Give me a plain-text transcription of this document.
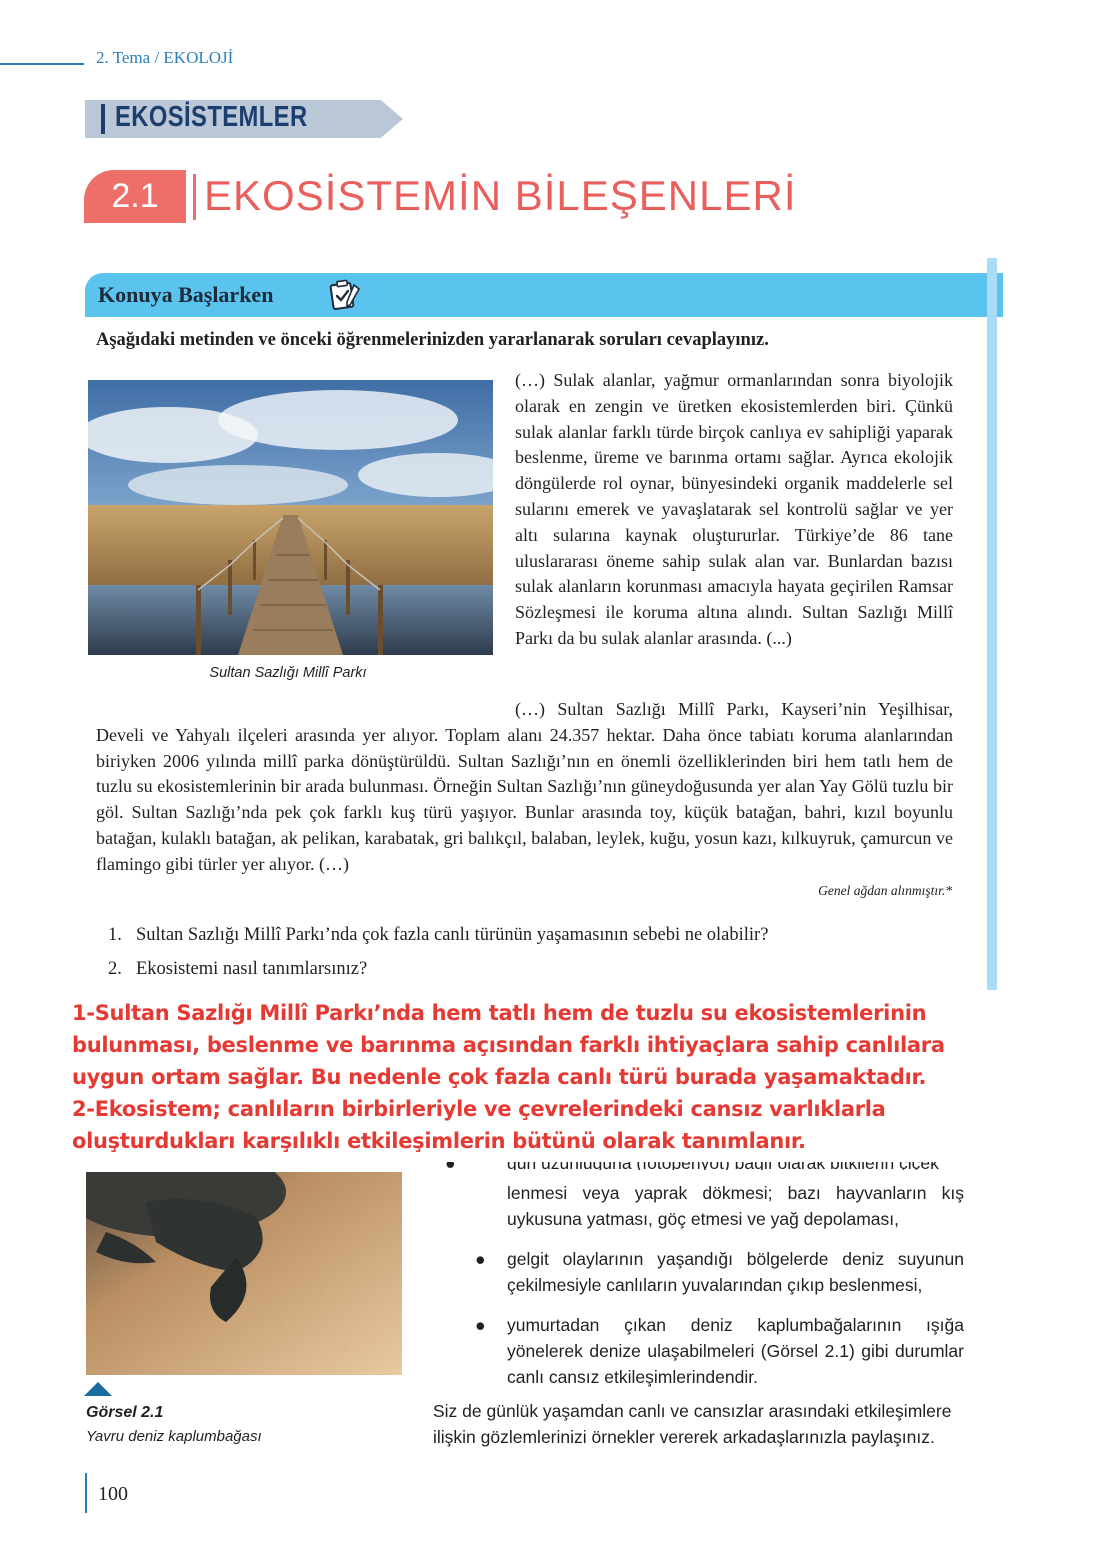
2. Tema / EKOLOJİ
EKOSİSTEMLER
2.1	EKOSİSTEMİN BİLEŞENLERİ
Konuya Başlarken
Aşağıdaki metinden ve önceki öğrenmelerinizden yararlanarak soruları cevaplayınız.
Sultan Sazlığı Millî Parkı

(…) Sulak alanlar, yağmur ormanlarından sonra biyolojik olarak en zengin ve üretken ekosistemlerden biri. Çünkü sulak alanlar farklı türde birçok canlıya ev sahipliği yaparak beslenme, üreme ve barınma ortamı sağlar. Ayrıca ekolojik döngülerde rol oynar, bünyesindeki organik maddelerle sel sularını emerek ve yavaşlatarak sel kontrolü sağlar ve yer altı sularına kaynak oluştururlar. Türkiye’de 86 tane uluslararası öneme sahip sulak alan var. Bunlardan bazısı sulak alanların korunması amacıyla hayata geçirilen Ramsar Sözleşmesi ile koruma altına alındı. Sultan Sazlığı Millî Parkı da bu sulak alanlar arasında. (...)

(…) Sultan Sazlığı Millî Parkı, Kayseri’nin Yeşilhisar, Develi ve Yahyalı ilçeleri arasında yer alıyor. Toplam alanı 24.357 hektar. Daha önce tabiatı koruma alanlarından biriyken 2006 yılında millî parka dönüştürüldü. Sultan Sazlığı’nın en önemli özelliklerinden biri hem tatlı hem de tuzlu su ekosistemlerinin bir arada bulunması. Örneğin Sultan Sazlığı’nın güneydoğusunda yer alan Yay Gölü tuzlu bir göl. Sultan Sazlığı’nda pek çok farklı kuş türü yaşıyor. Bunlar arasında toy, küçük batağan, bahri, kızıl boyunlu batağan, kulaklı batağan, ak pelikan, karabatak, gri balıkçıl, balaban, leylek, kuğu, yosun kazı, kılkuyruk, çamurcun ve flamingo gibi türler yer alıyor. (…)

Genel ağdan alınmıştır.*
1. Sultan Sazlığı Millî Parkı’nda çok fazla canlı türünün yaşamasının sebebi ne olabilir?
2. Ekosistemi nasıl tanımlarsınız?
lenmesi veya yaprak dökmesi; bazı hayvanların kış uykusuna yatması, göç etmesi ve yağ depolaması,
● gelgit olaylarının yaşandığı bölgelerde deniz suyunun çekilmesiyle canlıların yuvalarından çıkıp beslenmesi,
● yumurtadan çıkan deniz kaplumbağalarının ışığa yönelerek denize ulaşabilmeleri (Görsel 2.1) gibi durumlar canlı cansız etkileşimlerindendir.

Siz de günlük yaşamdan canlı ve cansızlar arasındaki etkileşimlere ilişkin gözlemlerinizi örnekler vererek arkadaşlarınızla paylaşınız.

Görsel 2.1
Yavru deniz kaplumbağası
1-Sultan Sazlığı Millî Parkı’nda hem tatlı hem de tuzlu su ekosistemlerinin
bulunması, beslenme ve barınma açısından farklı ihtiyaçlara sahip canlılara
uygun ortam sağlar. Bu nedenle çok fazla canlı türü burada yaşamaktadır.
2-Ekosistem; canlıların birbirleriyle ve çevrelerindeki cansız varlıklarla
oluşturdukları karşılıklı etkileşimlerin bütünü olarak tanımlanır.
100
